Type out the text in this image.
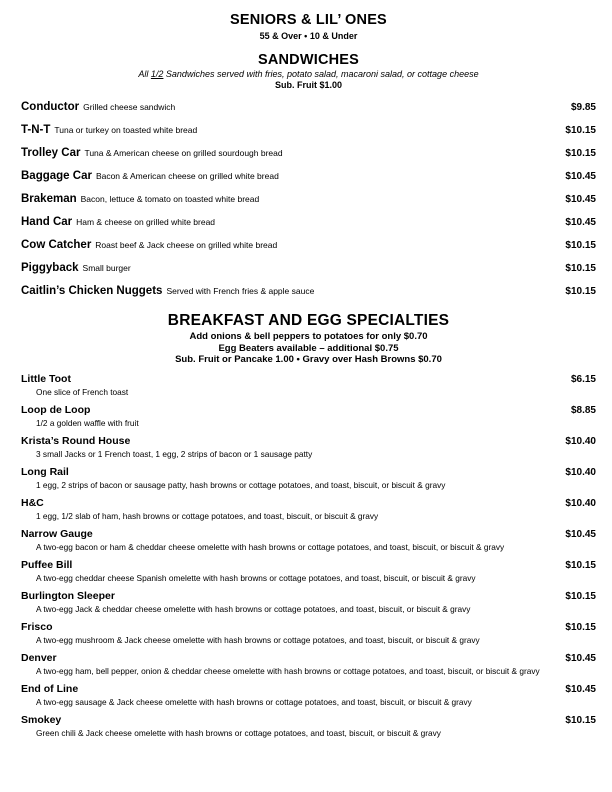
SENIORS & LIL’ ONES
55 & Over • 10 & Under
SANDWICHES
All 1/2 Sandwiches served with fries, potato salad, macaroni salad, or cottage cheese
Sub. Fruit $1.00
Conductor Grilled cheese sandwich	$9.85
T-N-T Tuna or turkey on toasted white bread	$10.15
Trolley Car Tuna & American cheese on grilled sourdough bread	$10.15
Baggage Car Bacon & American cheese on grilled white bread	$10.45
Brakeman Bacon, lettuce & tomato on toasted white bread	$10.45
Hand Car Ham & cheese on grilled white bread	$10.45
Cow Catcher Roast beef & Jack cheese on grilled white bread	$10.15
Piggyback Small burger	$10.15
Caitlin’s Chicken Nuggets Served with French fries & apple sauce	$10.15
BREAKFAST AND EGG SPECIALTIES
Add onions & bell peppers to potatoes for only $0.70
Egg Beaters available – additional $0.75
Sub. Fruit or Pancake 1.00 • Gravy over Hash Browns $0.70
Little Toot	$6.15
One slice of French toast
Loop de Loop	$8.85
1/2 a golden waffle with fruit
Krista’s Round House	$10.40
3 small Jacks or 1 French toast, 1 egg, 2 strips of bacon or 1 sausage patty
Long Rail	$10.40
1 egg, 2 strips of bacon or sausage patty, hash browns or cottage potatoes, and toast, biscuit, or biscuit & gravy
H&C	$10.40
1 egg, 1/2 slab of ham, hash browns or cottage potatoes, and toast, biscuit, or biscuit & gravy
Narrow Gauge	$10.45
A two-egg bacon or ham & cheddar cheese omelette with hash browns or cottage potatoes, and toast, biscuit, or biscuit & gravy
Puffee Bill	$10.15
A two-egg cheddar cheese Spanish omelette with hash browns or cottage potatoes, and toast, biscuit, or biscuit & gravy
Burlington Sleeper	$10.15
A two-egg Jack & cheddar cheese omelette with hash browns or cottage potatoes, and toast, biscuit, or biscuit & gravy
Frisco	$10.15
A two-egg mushroom & Jack cheese omelette with hash browns or cottage potatoes, and toast, biscuit, or biscuit & gravy
Denver	$10.45
A two-egg ham, bell pepper, onion & cheddar cheese omelette with hash browns or cottage potatoes, and toast, biscuit, or biscuit & gravy
End of Line	$10.45
A two-egg sausage & Jack cheese omelette with hash browns or cottage potatoes, and toast, biscuit, or biscuit & gravy
Smokey	$10.15
Green chili & Jack cheese omelette with hash browns or cottage potatoes, and toast, biscuit, or biscuit & gravy
